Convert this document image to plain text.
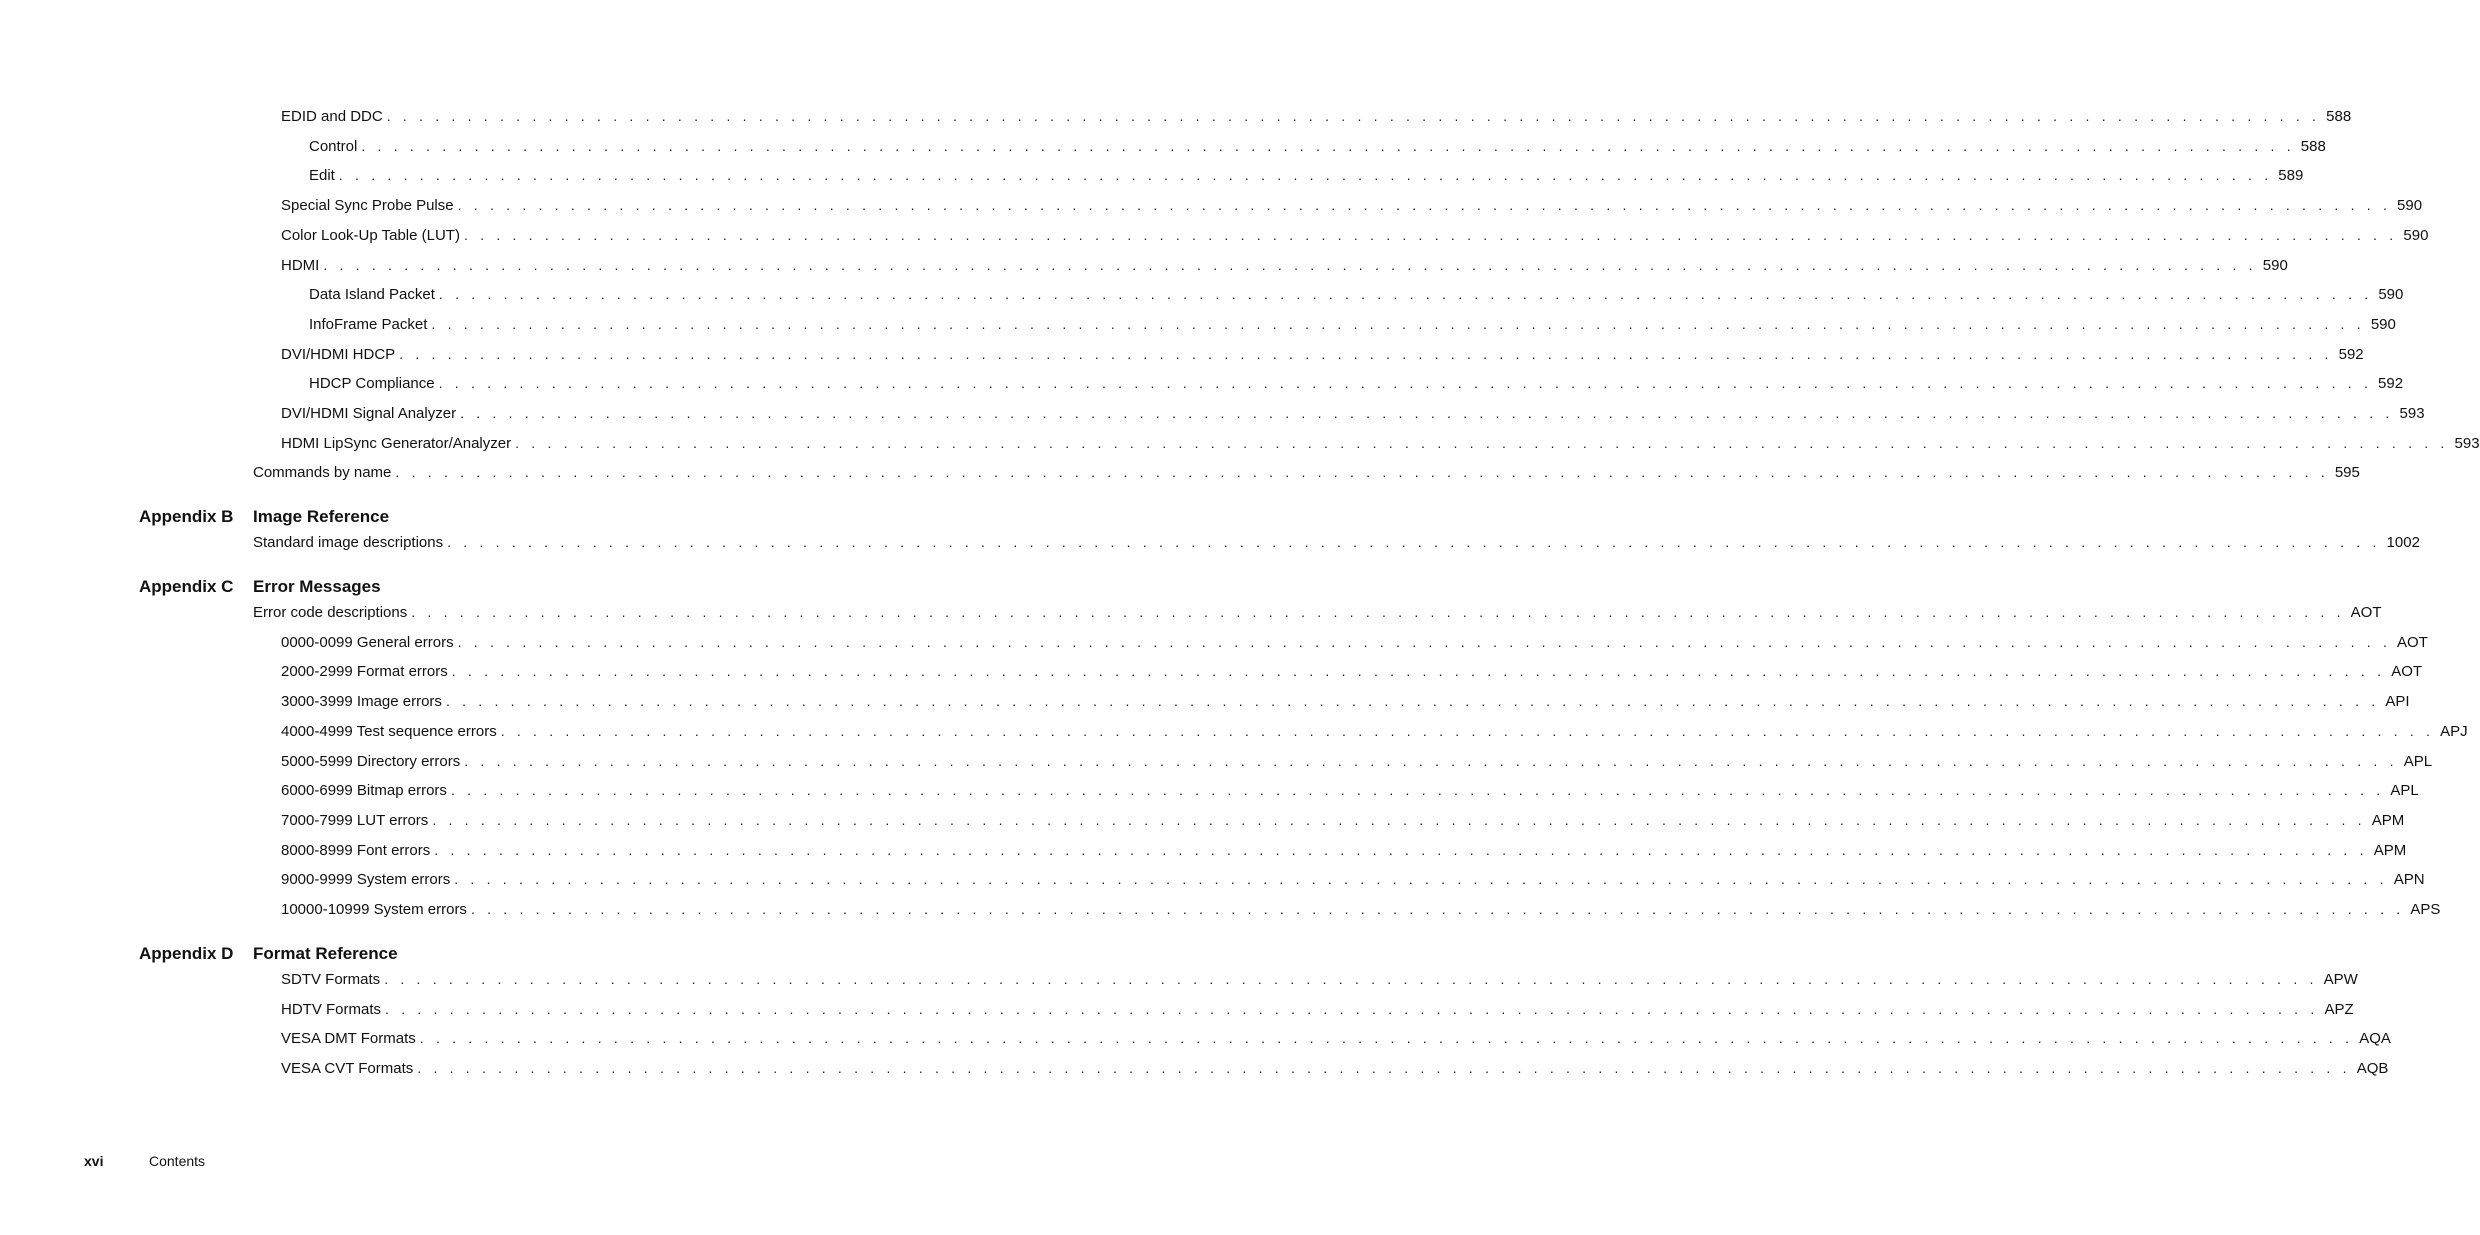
EDID and DDC . . . . . . . . . . . . . . . . . . . . . . . . . . . . . . . . . . . . . . . . . . . . . . . . . . . . . . . . . . . . . . . . . . . . . . . . . . . . . . . . . . . . . . . . . . . . . . . . . . . . . . . . . . . . . . . . . . . . . . . . 588
Control . . . . . . . . . . . . . . . . . . . . . . . . . . . . . . . . . . . . . . . . . . . . . . . . . . . . . . . . . . . . . . . . . . . . . . . . . . . . . . . . . . . . . . . . . . . . . . . . . . . . . . . . . . . . . . . . . . . . . . . . 588
Edit . . . . . . . . . . . . . . . . . . . . . . . . . . . . . . . . . . . . . . . . . . . . . . . . . . . . . . . . . . . . . . . . . . . . . . . . . . . . . . . . . . . . . . . . . . . . . . . . . . . . . . . . . . . . . . . . . . . . . . . . 589
Special Sync Probe Pulse . . . . . . . . . . . . . . . . . . . . . . . . . . . . . . . . . . . . . . . . . . . . . . . . . . . . . . . . . . . . . . . . . . . . . . . . . . . . . . . . . . . . . . . . . . . . . . . . . . . . . . . . . . . . . . . . . . . . . . . . 590
Color Look-Up Table (LUT) . . . . . . . . . . . . . . . . . . . . . . . . . . . . . . . . . . . . . . . . . . . . . . . . . . . . . . . . . . . . . . . . . . . . . . . . . . . . . . . . . . . . . . . . . . . . . . . . . . . . . . . . . . . . . . . . . . . . . . . . 590
HDMI . . . . . . . . . . . . . . . . . . . . . . . . . . . . . . . . . . . . . . . . . . . . . . . . . . . . . . . . . . . . . . . . . . . . . . . . . . . . . . . . . . . . . . . . . . . . . . . . . . . . . . . . . . . . . . . . . . . . . . . . 590
Data Island Packet . . . . . . . . . . . . . . . . . . . . . . . . . . . . . . . . . . . . . . . . . . . . . . . . . . . . . . . . . . . . . . . . . . . . . . . . . . . . . . . . . . . . . . . . . . . . . . . . . . . . . . . . . . . . . . . . . . . . . . . . 590
InfoFrame Packet . . . . . . . . . . . . . . . . . . . . . . . . . . . . . . . . . . . . . . . . . . . . . . . . . . . . . . . . . . . . . . . . . . . . . . . . . . . . . . . . . . . . . . . . . . . . . . . . . . . . . . . . . . . . . . . . . . . . . . . . 590
DVI/HDMI HDCP . . . . . . . . . . . . . . . . . . . . . . . . . . . . . . . . . . . . . . . . . . . . . . . . . . . . . . . . . . . . . . . . . . . . . . . . . . . . . . . . . . . . . . . . . . . . . . . . . . . . . . . . . . . . . . . . . . . . . . . . 592
HDCP Compliance . . . . . . . . . . . . . . . . . . . . . . . . . . . . . . . . . . . . . . . . . . . . . . . . . . . . . . . . . . . . . . . . . . . . . . . . . . . . . . . . . . . . . . . . . . . . . . . . . . . . . . . . . . . . . . . . . . . . . . . . 592
DVI/HDMI Signal Analyzer . . . . . . . . . . . . . . . . . . . . . . . . . . . . . . . . . . . . . . . . . . . . . . . . . . . . . . . . . . . . . . . . . . . . . . . . . . . . . . . . . . . . . . . . . . . . . . . . . . . . . . . . . . . . . . . . . . . . . . . . 593
HDMI LipSync Generator/Analyzer . . . . . . . . . . . . . . . . . . . . . . . . . . . . . . . . . . . . . . . . . . . . . . . . . . . . . . . . . . . . . . . . . . . . . . . . . . . . . . . . . . . . . . . . . . . . . . . . . . . . . . . . . . . . . . . . . . . . . . . . 593
Commands by name . . . . . . . . . . . . . . . . . . . . . . . . . . . . . . . . . . . . . . . . . . . . . . . . . . . . . . . . . . . . . . . . . . . . . . . . . . . . . . . . . . . . . . . . . . . . . . . . . . . . . . . . . . . . . . . . . . . . . . . . 595
Appendix B Image Reference
Standard image descriptions . . . . . . . . . . . . . . . . . . . . . . . . . . . . . . . . . . . . . . . . . . . . . . . . . . . . . . . . . . . . . . . . . . . . . . . . . . . . . . . . . . . . . . . . . . . . . . . . . . . . . . . . . . . . . . . . . . . . . . . . 1002
Appendix C Error Messages
Error code descriptions . . . . . . . . . . . . . . . . . . . . . . . . . . . . . . . . . . . . . . . . . . . . . . . . . . . . . . . . . . . . . . . . . . . . . . . . . . . . . . . . . . . . . . . . . . . . . . . . . . . . . . . . . . . . . . . . . . . . . . . . AOT
0000-0099 General errors . . . . . . . . . . . . . . . . . . . . . . . . . . . . . . . . . . . . . . . . . . . . . . . . . . . . . . . . . . . . . . . . . . . . . . . . . . . . . . . . . . . . . . . . . . . . . . . . . . . . . . . . . . . . . . . . . . . . . . . . AOT
2000-2999 Format errors . . . . . . . . . . . . . . . . . . . . . . . . . . . . . . . . . . . . . . . . . . . . . . . . . . . . . . . . . . . . . . . . . . . . . . . . . . . . . . . . . . . . . . . . . . . . . . . . . . . . . . . . . . . . . . . . . . . . . . . . AOT
3000-3999 Image errors . . . . . . . . . . . . . . . . . . . . . . . . . . . . . . . . . . . . . . . . . . . . . . . . . . . . . . . . . . . . . . . . . . . . . . . . . . . . . . . . . . . . . . . . . . . . . . . . . . . . . . . . . . . . . . . . . . . . . . . . API
4000-4999 Test sequence errors . . . . . . . . . . . . . . . . . . . . . . . . . . . . . . . . . . . . . . . . . . . . . . . . . . . . . . . . . . . . . . . . . . . . . . . . . . . . . . . . . . . . . . . . . . . . . . . . . . . . . . . . . . . . . . . . . . . . . . . . APJ
5000-5999 Directory errors . . . . . . . . . . . . . . . . . . . . . . . . . . . . . . . . . . . . . . . . . . . . . . . . . . . . . . . . . . . . . . . . . . . . . . . . . . . . . . . . . . . . . . . . . . . . . . . . . . . . . . . . . . . . . . . . . . . . . . . . APL
6000-6999 Bitmap errors . . . . . . . . . . . . . . . . . . . . . . . . . . . . . . . . . . . . . . . . . . . . . . . . . . . . . . . . . . . . . . . . . . . . . . . . . . . . . . . . . . . . . . . . . . . . . . . . . . . . . . . . . . . . . . . . . . . . . . . . APL
7000-7999 LUT errors . . . . . . . . . . . . . . . . . . . . . . . . . . . . . . . . . . . . . . . . . . . . . . . . . . . . . . . . . . . . . . . . . . . . . . . . . . . . . . . . . . . . . . . . . . . . . . . . . . . . . . . . . . . . . . . . . . . . . . . . APM
8000-8999 Font errors . . . . . . . . . . . . . . . . . . . . . . . . . . . . . . . . . . . . . . . . . . . . . . . . . . . . . . . . . . . . . . . . . . . . . . . . . . . . . . . . . . . . . . . . . . . . . . . . . . . . . . . . . . . . . . . . . . . . . . . . APM
9000-9999 System errors . . . . . . . . . . . . . . . . . . . . . . . . . . . . . . . . . . . . . . . . . . . . . . . . . . . . . . . . . . . . . . . . . . . . . . . . . . . . . . . . . . . . . . . . . . . . . . . . . . . . . . . . . . . . . . . . . . . . . . . . APN
10000-10999 System errors . . . . . . . . . . . . . . . . . . . . . . . . . . . . . . . . . . . . . . . . . . . . . . . . . . . . . . . . . . . . . . . . . . . . . . . . . . . . . . . . . . . . . . . . . . . . . . . . . . . . . . . . . . . . . . . . . . . . . . . . APS
Appendix D Format Reference
SDTV Formats . . . . . . . . . . . . . . . . . . . . . . . . . . . . . . . . . . . . . . . . . . . . . . . . . . . . . . . . . . . . . . . . . . . . . . . . . . . . . . . . . . . . . . . . . . . . . . . . . . . . . . . . . . . . . . . . . . . . . . . . APW
HDTV Formats . . . . . . . . . . . . . . . . . . . . . . . . . . . . . . . . . . . . . . . . . . . . . . . . . . . . . . . . . . . . . . . . . . . . . . . . . . . . . . . . . . . . . . . . . . . . . . . . . . . . . . . . . . . . . . . . . . . . . . . . APZ
VESA DMT Formats . . . . . . . . . . . . . . . . . . . . . . . . . . . . . . . . . . . . . . . . . . . . . . . . . . . . . . . . . . . . . . . . . . . . . . . . . . . . . . . . . . . . . . . . . . . . . . . . . . . . . . . . . . . . . . . . . . . . . . . . AQA
VESA CVT Formats . . . . . . . . . . . . . . . . . . . . . . . . . . . . . . . . . . . . . . . . . . . . . . . . . . . . . . . . . . . . . . . . . . . . . . . . . . . . . . . . . . . . . . . . . . . . . . . . . . . . . . . . . . . . . . . . . . . . . . . . AQB
xvi	Contents
